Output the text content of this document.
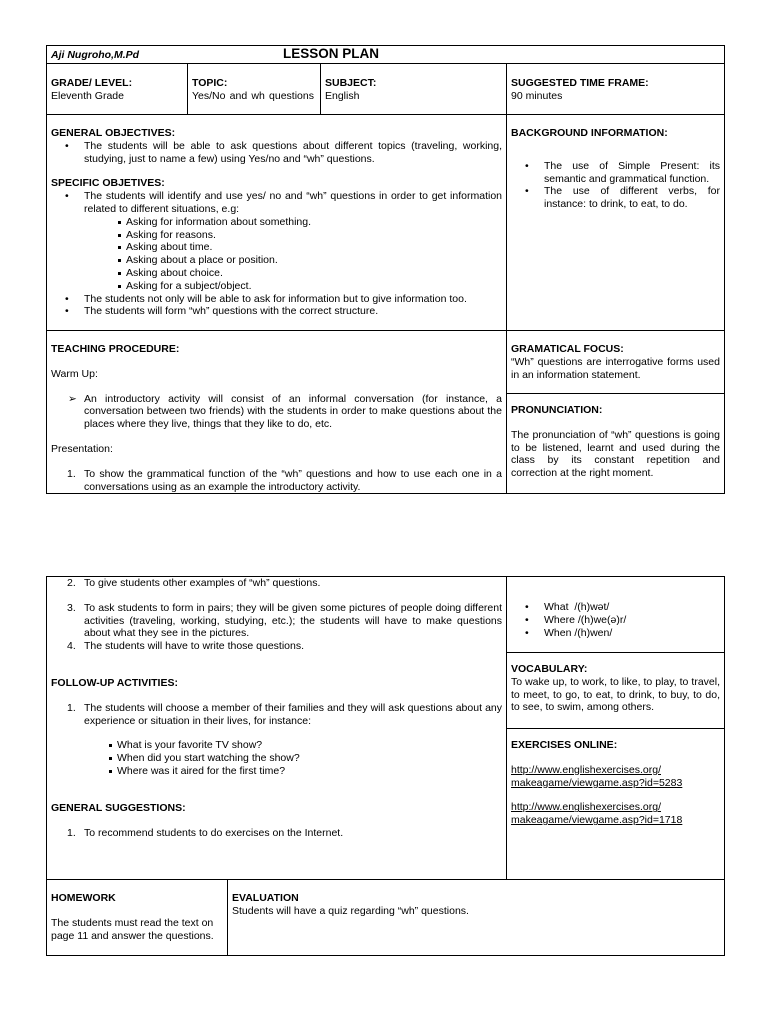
Aji Nugroho,M.Pd	LESSON PLAN
GRADE/ LEVEL:
Eleventh Grade
TOPIC:
Yes/No and wh questions
SUBJECT:
English
SUGGESTED TIME FRAME:
90 minutes
GENERAL OBJECTIVES:
• The students will be able to ask questions about different topics (traveling, working, studying, just to name a few) using Yes/no and “wh” questions.
SPECIFIC OBJETIVES:
• The students will identify and use yes/ no and “wh” questions in order to get information related to different situations, e.g:
Asking for information about something.
Asking for reasons.
Asking about time.
Asking about a place or position.
Asking about choice.
Asking for a subject/object.
• The students not only will be able to ask for information but to give information too.
• The students will form “wh” questions with the correct structure.
BACKGROUND INFORMATION:
• The use of Simple Present: its semantic and grammatical function.
• The use of different verbs, for instance: to drink, to eat, to do.
TEACHING PROCEDURE:
Warm Up:
➢ An introductory activity will consist of an informal conversation (for instance, a conversation between two friends) with the students in order to make questions about the places where they live, things that they like to do, etc.
Presentation:
1. To show the grammatical function of the “wh” questions and how to use each one in a conversations using as an example the introductory activity.
GRAMATICAL FOCUS:
“Wh” questions are interrogative forms used in an information statement.
PRONUNCIATION:
The pronunciation of “wh” questions is going to be listened, learnt and used during the class by its constant repetition and correction at the right moment.
2. To give students other examples of “wh” questions.
3. To ask students to form in pairs; they will be given some pictures of people doing different activities (traveling, working, studying, etc.); the students will have to make questions about what they see in the pictures.
4. The students will have to write those questions.
FOLLOW-UP ACTIVITIES:
1. The students will choose a member of their families and they will ask questions about any experience or situation in their lives, for instance:
What is your favorite TV show?
When did you start watching the show?
Where was it aired for the first time?
GENERAL SUGGESTIONS:
1. To recommend students to do exercises on the Internet.
• What  /(h)wət/
• Where /(h)we(ə)r/
• When /(h)wen/
VOCABULARY:
To wake up, to work, to like, to play, to travel, to meet, to go, to eat, to drink, to buy, to do, to see, to swim, among others.
EXERCISES ONLINE:
http://www.englishexercises.org/
makeagame/viewgame.asp?id=5283
http://www.englishexercises.org/
makeagame/viewgame.asp?id=1718
HOMEWORK
The students must read the text on page 11 and answer the questions.
EVALUATION
Students will have a quiz regarding “wh” questions.
